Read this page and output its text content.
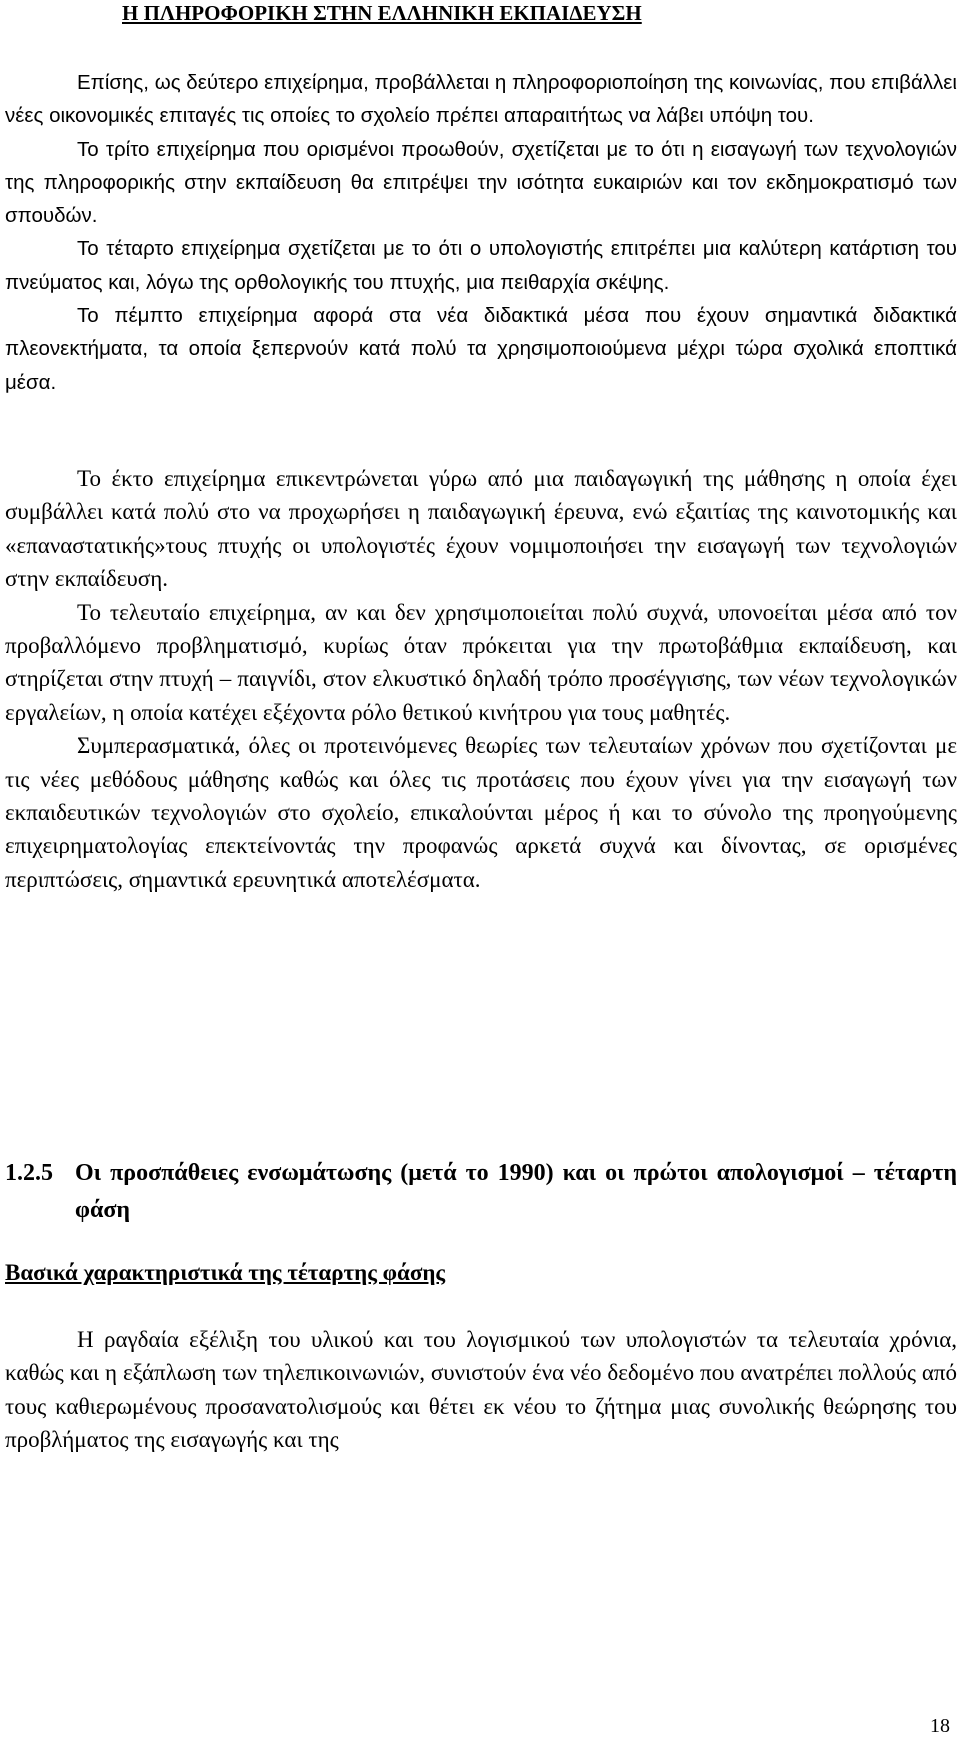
Η ΠΛΗΡΟΦΟΡΙΚΗ ΣΤΗΝ ΕΛΛΗΝΙΚΗ ΕΚΠΑΙΔΕΥΣΗ

Επίσης, ως δεύτερο επιχείρημα, προβάλλεται η πληροφοριοποίηση της κοινωνίας, που επιβάλλει νέες οικονομικές επιταγές τις οποίες το σχολείο πρέπει απαραιτήτως να λάβει υπόψη του.

Το τρίτο επιχείρημα που ορισμένοι προωθούν, σχετίζεται με το ότι η εισαγωγή των τεχνολογιών της πληροφορικής στην εκπαίδευση θα επιτρέψει την ισότητα ευκαιριών και τον εκδημοκρατισμό των σπουδών.

Το τέταρτο επιχείρημα σχετίζεται με το ότι ο υπολογιστής επιτρέπει μια καλύτερη κατάρτιση του πνεύματος και, λόγω της ορθολογικής του πτυχής, μια πειθαρχία σκέψης.

Το πέμπτο επιχείρημα αφορά στα νέα διδακτικά μέσα που έχουν σημαντικά διδακτικά πλεονεκτήματα, τα οποία ξεπερνούν κατά πολύ τα χρησιμοποιούμενα μέχρι τώρα σχολικά εποπτικά μέσα.

Το έκτο επιχείρημα επικεντρώνεται γύρω από μια παιδαγωγική της μάθησης η οποία έχει συμβάλλει κατά πολύ στο να προχωρήσει η παιδαγωγική έρευνα, ενώ εξαιτίας της καινοτομικής και «επαναστατικής»τους πτυχής οι υπολογιστές έχουν νομιμοποιήσει την εισαγωγή των τεχνολογιών στην εκπαίδευση.

Το τελευταίο επιχείρημα, αν και δεν χρησιμοποιείται πολύ συχνά, υπονοείται μέσα από τον προβαλλόμενο προβληματισμό, κυρίως όταν πρόκειται για την πρωτοβάθμια εκπαίδευση, και στηρίζεται στην πτυχή – παιγνίδι, στον ελκυστικό δηλαδή τρόπο προσέγγισης, των νέων τεχνολογικών εργαλείων, η οποία κατέχει εξέχοντα ρόλο θετικού κινήτρου για τους μαθητές.

Συμπερασματικά, όλες οι προτεινόμενες θεωρίες των τελευταίων χρόνων που σχετίζονται με τις νέες μεθόδους μάθησης καθώς και όλες τις προτάσεις που έχουν γίνει για την εισαγωγή των εκπαιδευτικών τεχνολογιών στο σχολείο, επικαλούνται μέρος ή και το σύνολο της προηγούμενης επιχειρηματολογίας επεκτείνοντάς την προφανώς αρκετά συχνά και δίνοντας, σε ορισμένες περιπτώσεις, σημαντικά ερευνητικά αποτελέσματα.

1.2.5 Οι προσπάθειες ενσωμάτωσης (μετά το 1990) και οι πρώτοι απολογισμοί – τέταρτη φάση
Βασικά χαρακτηριστικά της τέταρτης φάσης

Η ραγδαία εξέλιξη του υλικού και του λογισμικού των υπολογιστών τα τελευταία χρόνια, καθώς και η εξάπλωση των τηλεπικοινωνιών, συνιστούν ένα νέο δεδομένο που ανατρέπει πολλούς από τους καθιερωμένους προσανατολισμούς και θέτει εκ νέου το ζήτημα μιας συνολικής θεώρησης του προβλήματος της εισαγωγής και της

18
